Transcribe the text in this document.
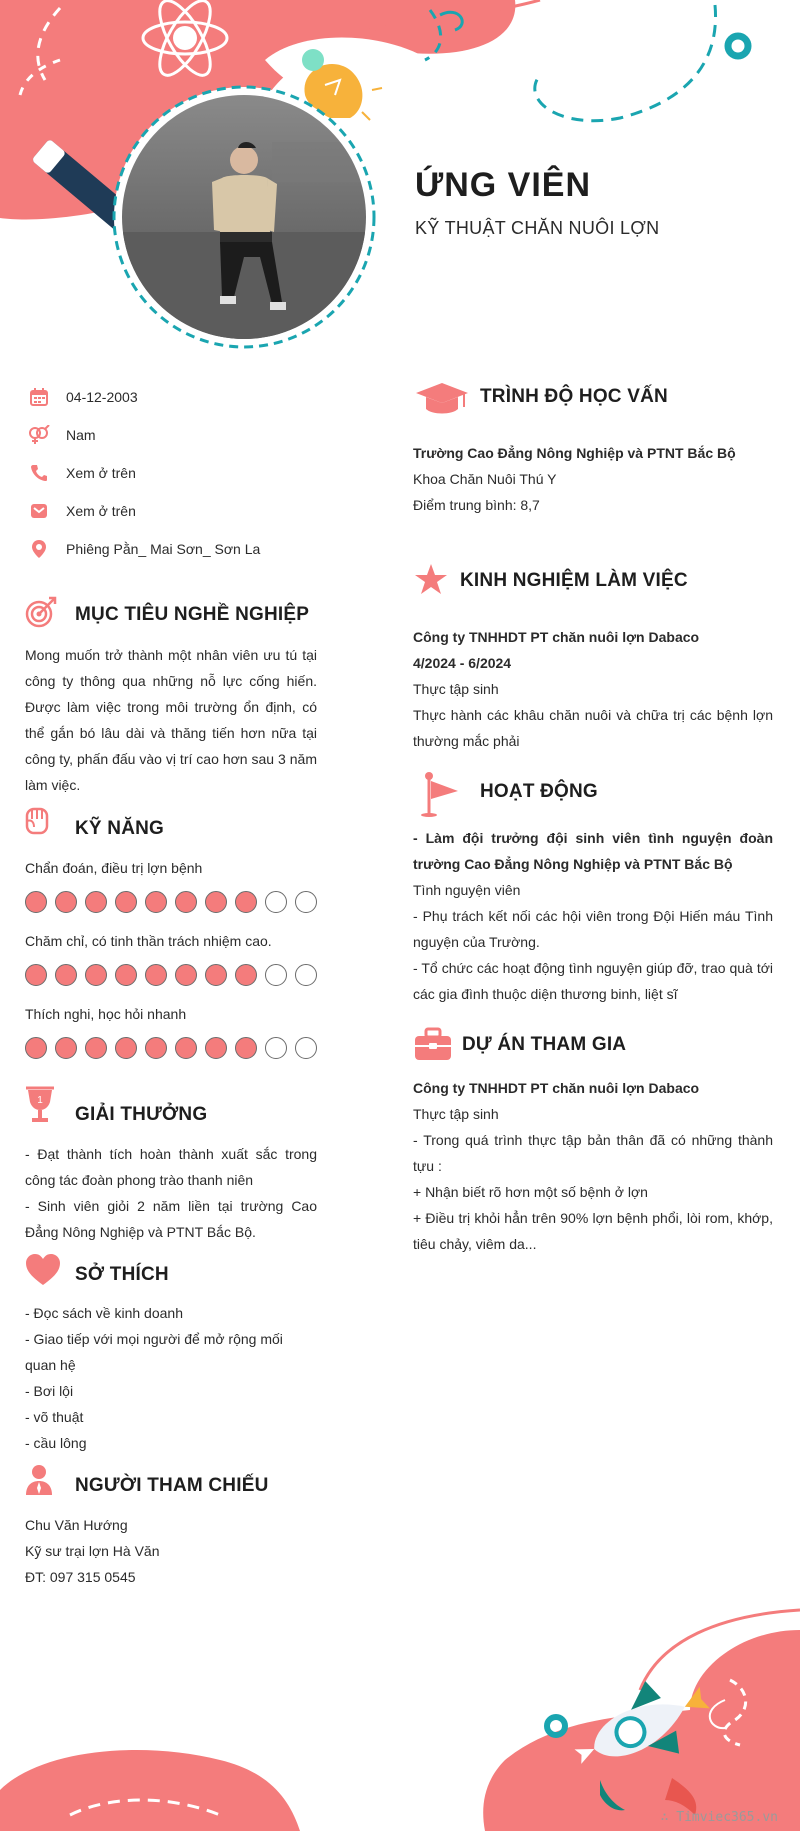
ỨNG VIÊN
KỸ THUẬT CHĂN NUÔI LỢN
04-12-2003
Nam
Xem ở trên
Xem ở trên
Phiêng Pằn_ Mai Sơn_ Sơn La
MỤC TIÊU NGHỀ NGHIỆP
Mong muốn trở thành một nhân viên ưu tú tại công ty thông qua những nỗ lực cống hiến. Được làm việc trong môi trường ổn định, có thể gắn bó lâu dài và thăng tiến hơn nữa tại công ty, phấn đấu vào vị trí cao hơn sau 3 năm làm việc.
KỸ NĂNG
Chẩn đoán, điều trị lợn bệnh
Chăm chỉ, có tinh thần trách nhiệm cao.
Thích nghi, học hỏi nhanh
1
GIẢI THƯỞNG
- Đạt thành tích hoàn thành xuất sắc trong công tác đoàn phong trào thanh niên
- Sinh viên giỏi 2 năm liền tại trường Cao Đẳng Nông Nghiệp và PTNT Bắc Bộ.
SỞ THÍCH
- Đọc sách về kinh doanh
- Giao tiếp với mọi người để mở rộng mối quan hệ
- Bơi lội
- võ thuật
- cầu lông
NGƯỜI THAM CHIẾU
Chu Văn Hướng
Kỹ sư trại lợn Hà Văn
ĐT: 097 315 0545
TRÌNH ĐỘ HỌC VẤN
Trường Cao Đẳng Nông Nghiệp và PTNT Bắc Bộ
Khoa Chăn Nuôi Thú Y
Điểm trung bình: 8,7
KINH NGHIỆM LÀM VIỆC
Công ty TNHHDT PT chăn nuôi lợn Dabaco
4/2024 - 6/2024
Thực tập sinh
Thực hành các khâu chăn nuôi và chữa trị các bệnh lợn thường mắc phải
HOẠT ĐỘNG
- Làm đội trưởng đội sinh viên tình nguyện đoàn trường Cao Đẳng Nông Nghiệp và PTNT Bắc Bộ
Tình nguyện viên
- Phụ trách kết nối các hội viên trong Đội Hiến máu Tình nguyện của Trường.
- Tổ chức các hoạt động tình nguyện giúp đỡ, trao quà tới các gia đình thuộc diện thương binh, liệt sĩ
DỰ ÁN THAM GIA
Công ty TNHHDT PT chăn nuôi lợn Dabaco
Thực tập sinh
- Trong quá trình thực tập bản thân đã có những thành tựu :
+ Nhận biết rõ hơn một số bệnh ở lợn
+ Điều trị khỏi hẳn trên 90% lợn bệnh phổi, lòi rom, khớp, tiêu chảy, viêm da...
∴ Timviec365.vn
